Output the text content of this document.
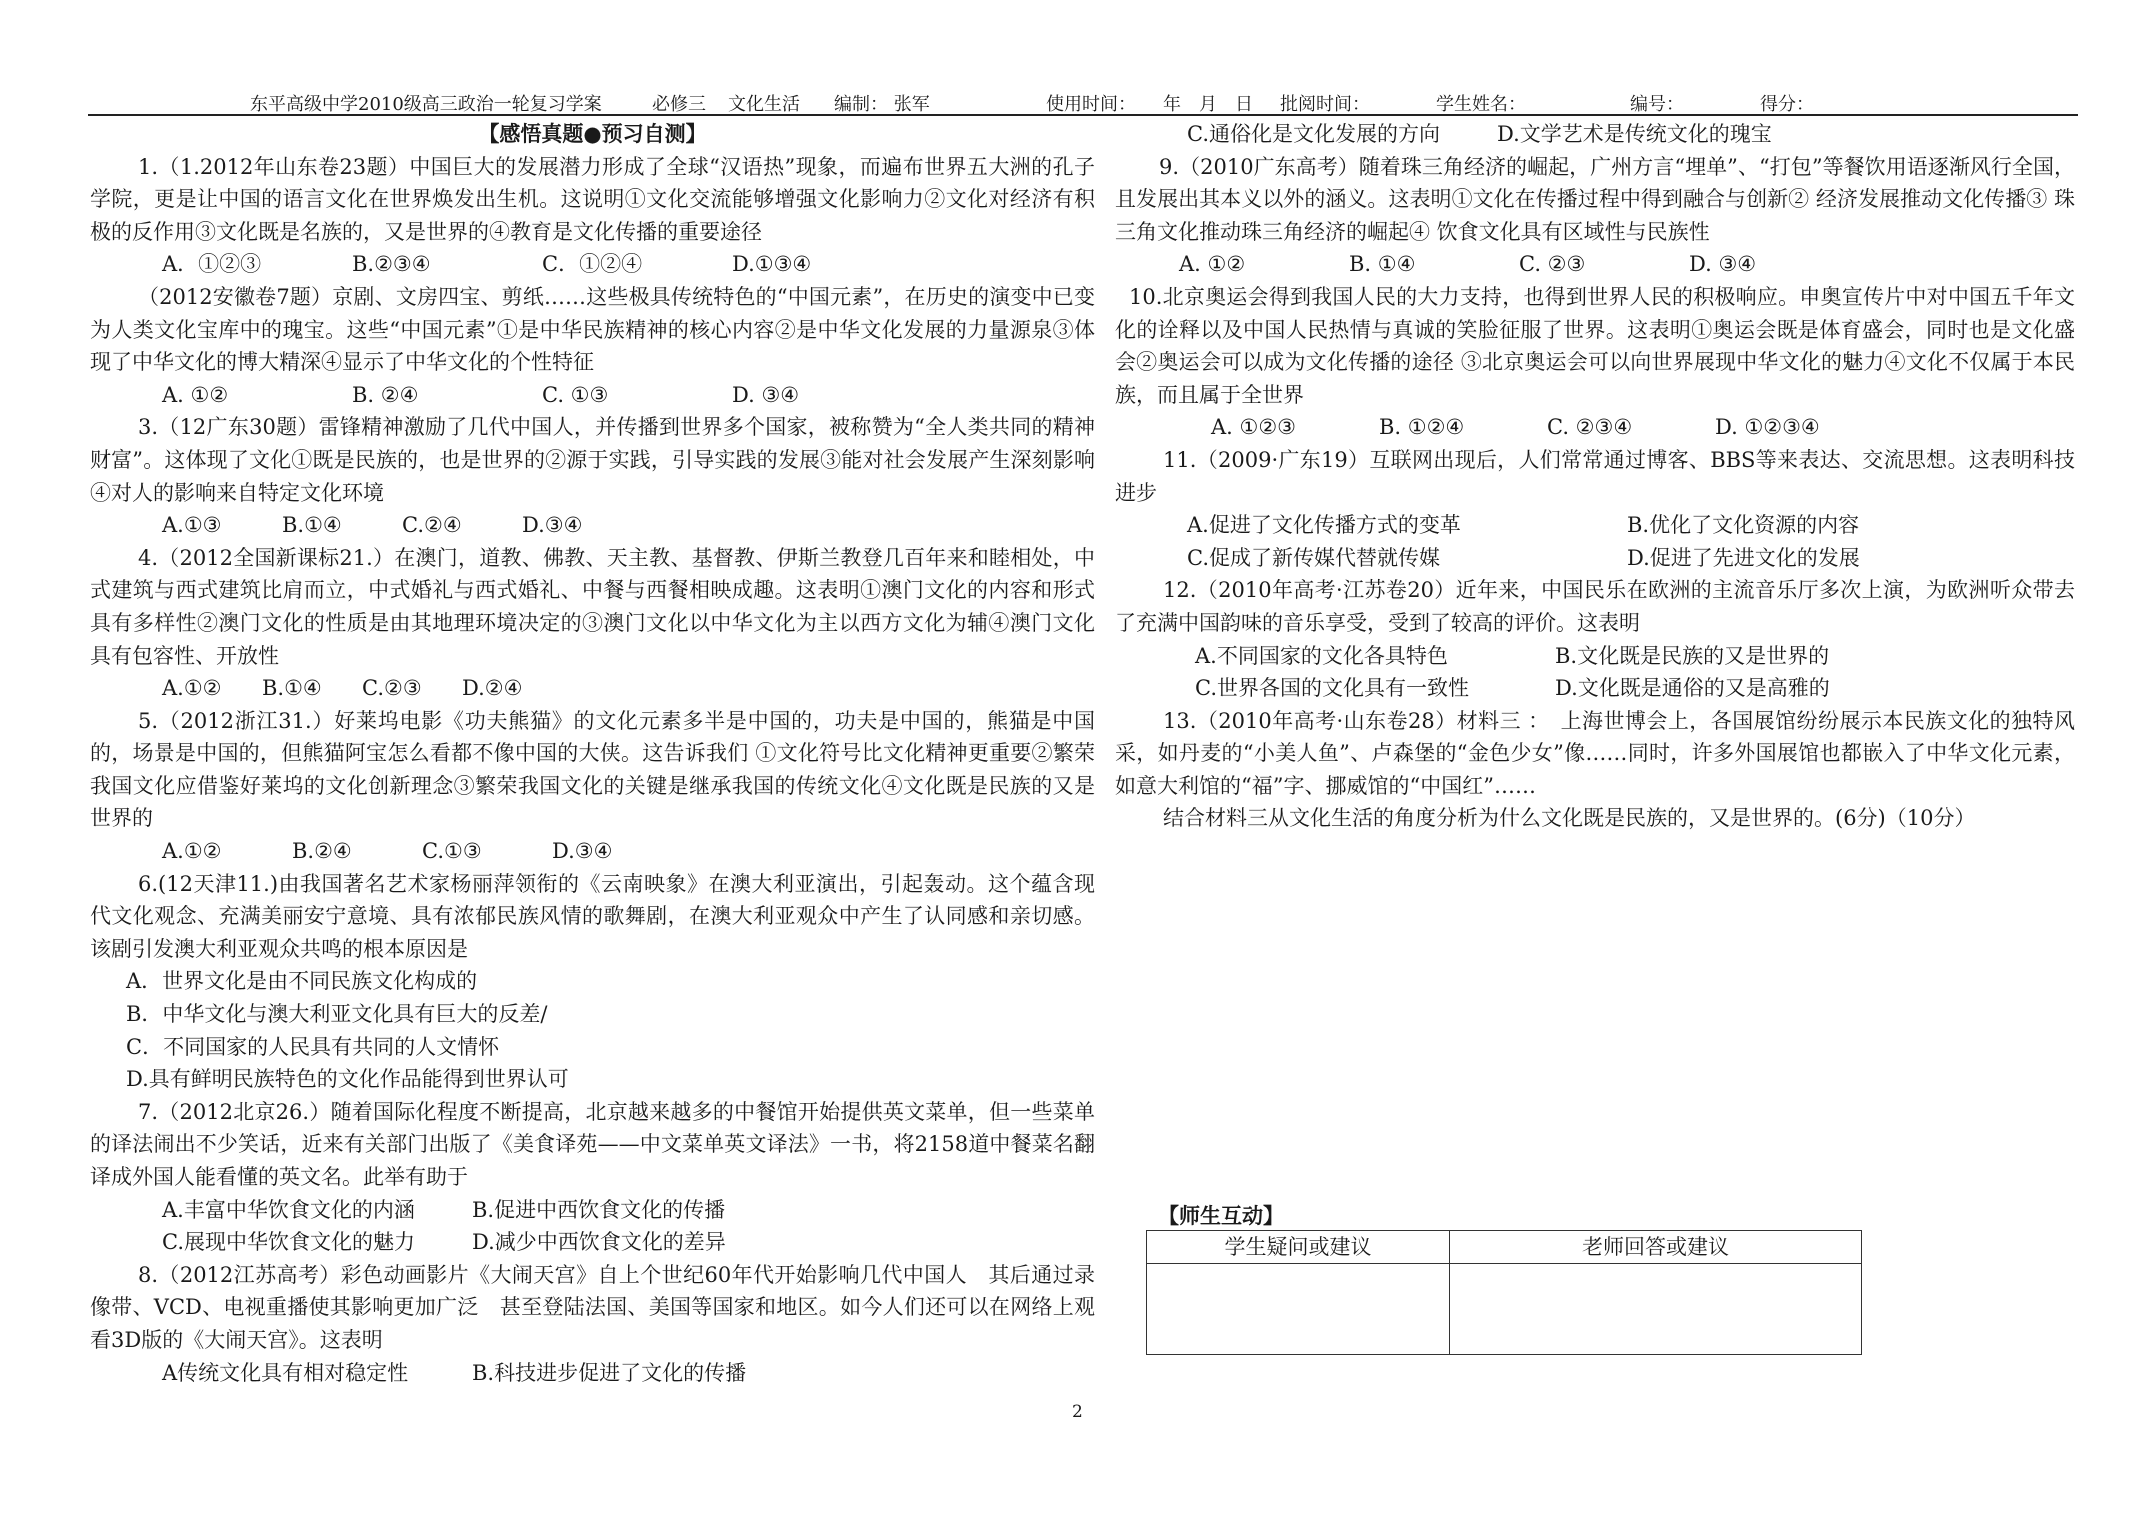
东平高级中学2010级高三政治一轮复习学案	必修三 文化生活 编制： 张军	使用时间：　　年　月　日 批阅时间：	学生姓名：	编号：	得分：

【感悟真题●预习自测】

1.（1.2012年山东卷23题）中国巨大的发展潜力形成了全球“汉语热”现象，而遍布世界五大洲的孔子学院，更是让中国的语言文化在世界焕发出生机。这说明①文化交流能够增强文化影响力②文化对经济有积极的反作用③文化既是名族的，又是世界的④教育是文化传播的重要途径

A．①②③	B.②③④	C．①②④	D.①③④

（2012安徽卷7题）京剧、文房四宝、剪纸……这些极具传统特色的“中国元素”，在历史的演变中已变为人类文化宝库中的瑰宝。这些“中国元素”①是中华民族精神的核心内容②是中华文化发展的力量源泉③体现了中华文化的博大精深④显示了中华文化的个性特征

A. ①②	B. ②④	C. ①③	D. ③④

3.（12广东30题）雷锋精神激励了几代中国人，并传播到世界多个国家，被称赞为“全人类共同的精神财富”。这体现了文化①既是民族的，也是世界的②源于实践，引导实践的发展③能对社会发展产生深刻影响④对人的影响来自特定文化环境

A.①③	B.①④	C.②④	D.③④

4.（2012全国新课标21.）在澳门，道教、佛教、天主教、基督教、伊斯兰教登几百年来和睦相处，中式建筑与西式建筑比肩而立，中式婚礼与西式婚礼、中餐与西餐相映成趣。这表明①澳门文化的内容和形式具有多样性②澳门文化的性质是由其地理环境决定的③澳门文化以中华文化为主以西方文化为辅④澳门文化具有包容性、开放性

A.①② B.①④ C.②③ D.②④

5.（2012浙江31.）好莱坞电影《功夫熊猫》的文化元素多半是中国的，功夫是中国的，熊猫是中国的，场景是中国的，但熊猫阿宝怎么看都不像中国的大侠。这告诉我们 ①文化符号比文化精神更重要②繁荣我国文化应借鉴好莱坞的文化创新理念③繁荣我国文化的关键是继承我国的传统文化④文化既是民族的又是世界的

A.①②	B.②④	C.①③	D.③④

6.(12天津11.)由我国著名艺术家杨丽萍领衔的《云南映象》在澳大利亚演出，引起轰动。这个蕴含现代文化观念、充满美丽安宁意境、具有浓郁民族风情的歌舞剧，在澳大利亚观众中产生了认同感和亲切感。该剧引发澳大利亚观众共鸣的根本原因是

A．世界文化是由不同民族文化构成的

B．中华文化与澳大利亚文化具有巨大的反差/

C．不同国家的人民具有共同的人文情怀

D.具有鲜明民族特色的文化作品能得到世界认可

7.（2012北京26.）随着国际化程度不断提高，北京越来越多的中餐馆开始提供英文菜单，但一些菜单的译法闹出不少笑话，近来有关部门出版了《美食译苑——中文菜单英文译法》一书，将2158道中餐菜名翻译成外国人能看懂的英文名。此举有助于

A.丰富中华饮食文化的内涵	B.促进中西饮食文化的传播

C.展现中华饮食文化的魅力	D.减少中西饮食文化的差异

8.（2012江苏高考）彩色动画影片《大闹天宫》自上个世纪60年代开始影响几代中国人　其后通过录像带、VCD、电视重播使其影响更加广泛　甚至登陆法国、美国等国家和地区。如今人们还可以在网络上观看3D版的《大闹天宫》。这表明

A传统文化具有相对稳定性	B.科技进步促进了文化的传播

C.通俗化是文化发展的方向	D.文学艺术是传统文化的瑰宝

9.（2010广东高考）随着珠三角经济的崛起，广州方言“埋单”、“打包”等餐饮用语逐渐风行全国，且发展出其本义以外的涵义。这表明①文化在传播过程中得到融合与创新② 经济发展推动文化传播③ 珠三角文化推动珠三角经济的崛起④ 饮食文化具有区域性与民族性

A. ①②	B. ①④	C. ②③	D. ③④

10.北京奥运会得到我国人民的大力支持，也得到世界人民的积极响应。申奥宣传片中对中国五千年文化的诠释以及中国人民热情与真诚的笑脸征服了世界。这表明①奥运会既是体育盛会，同时也是文化盛会②奥运会可以成为文化传播的途径 ③北京奥运会可以向世界展现中华文化的魅力④文化不仅属于本民族，而且属于全世界

A. ①②③	B. ①②④	C. ②③④	D. ①②③④

11.（2009·广东19）互联网出现后，人们常常通过博客、BBS等来表达、交流思想。这表明科技进步

A.促进了文化传播方式的变革	B.优化了文化资源的内容

C.促成了新传媒代替就传媒	D.促进了先进文化的发展

12.（2010年高考·江苏卷20）近年来，中国民乐在欧洲的主流音乐厅多次上演，为欧洲听众带去了充满中国韵味的音乐享受，受到了较高的评价。这表明

A.不同国家的文化各具特色	B.文化既是民族的又是世界的

C.世界各国的文化具有一致性	D.文化既是通俗的又是高雅的

13.（2010年高考·山东卷28）材料三 ：　上海世博会上，各国展馆纷纷展示本民族文化的独特风采，如丹麦的“小美人鱼”、卢森堡的“金色少女”像……同时，许多外国展馆也都嵌入了中华文化元素，如意大利馆的“福”字、挪威馆的“中国红”……

结合材料三从文化生活的角度分析为什么文化既是民族的，又是世界的。(6分)（10分）

【师生互动】
学生疑问或建议	老师回答或建议

2
